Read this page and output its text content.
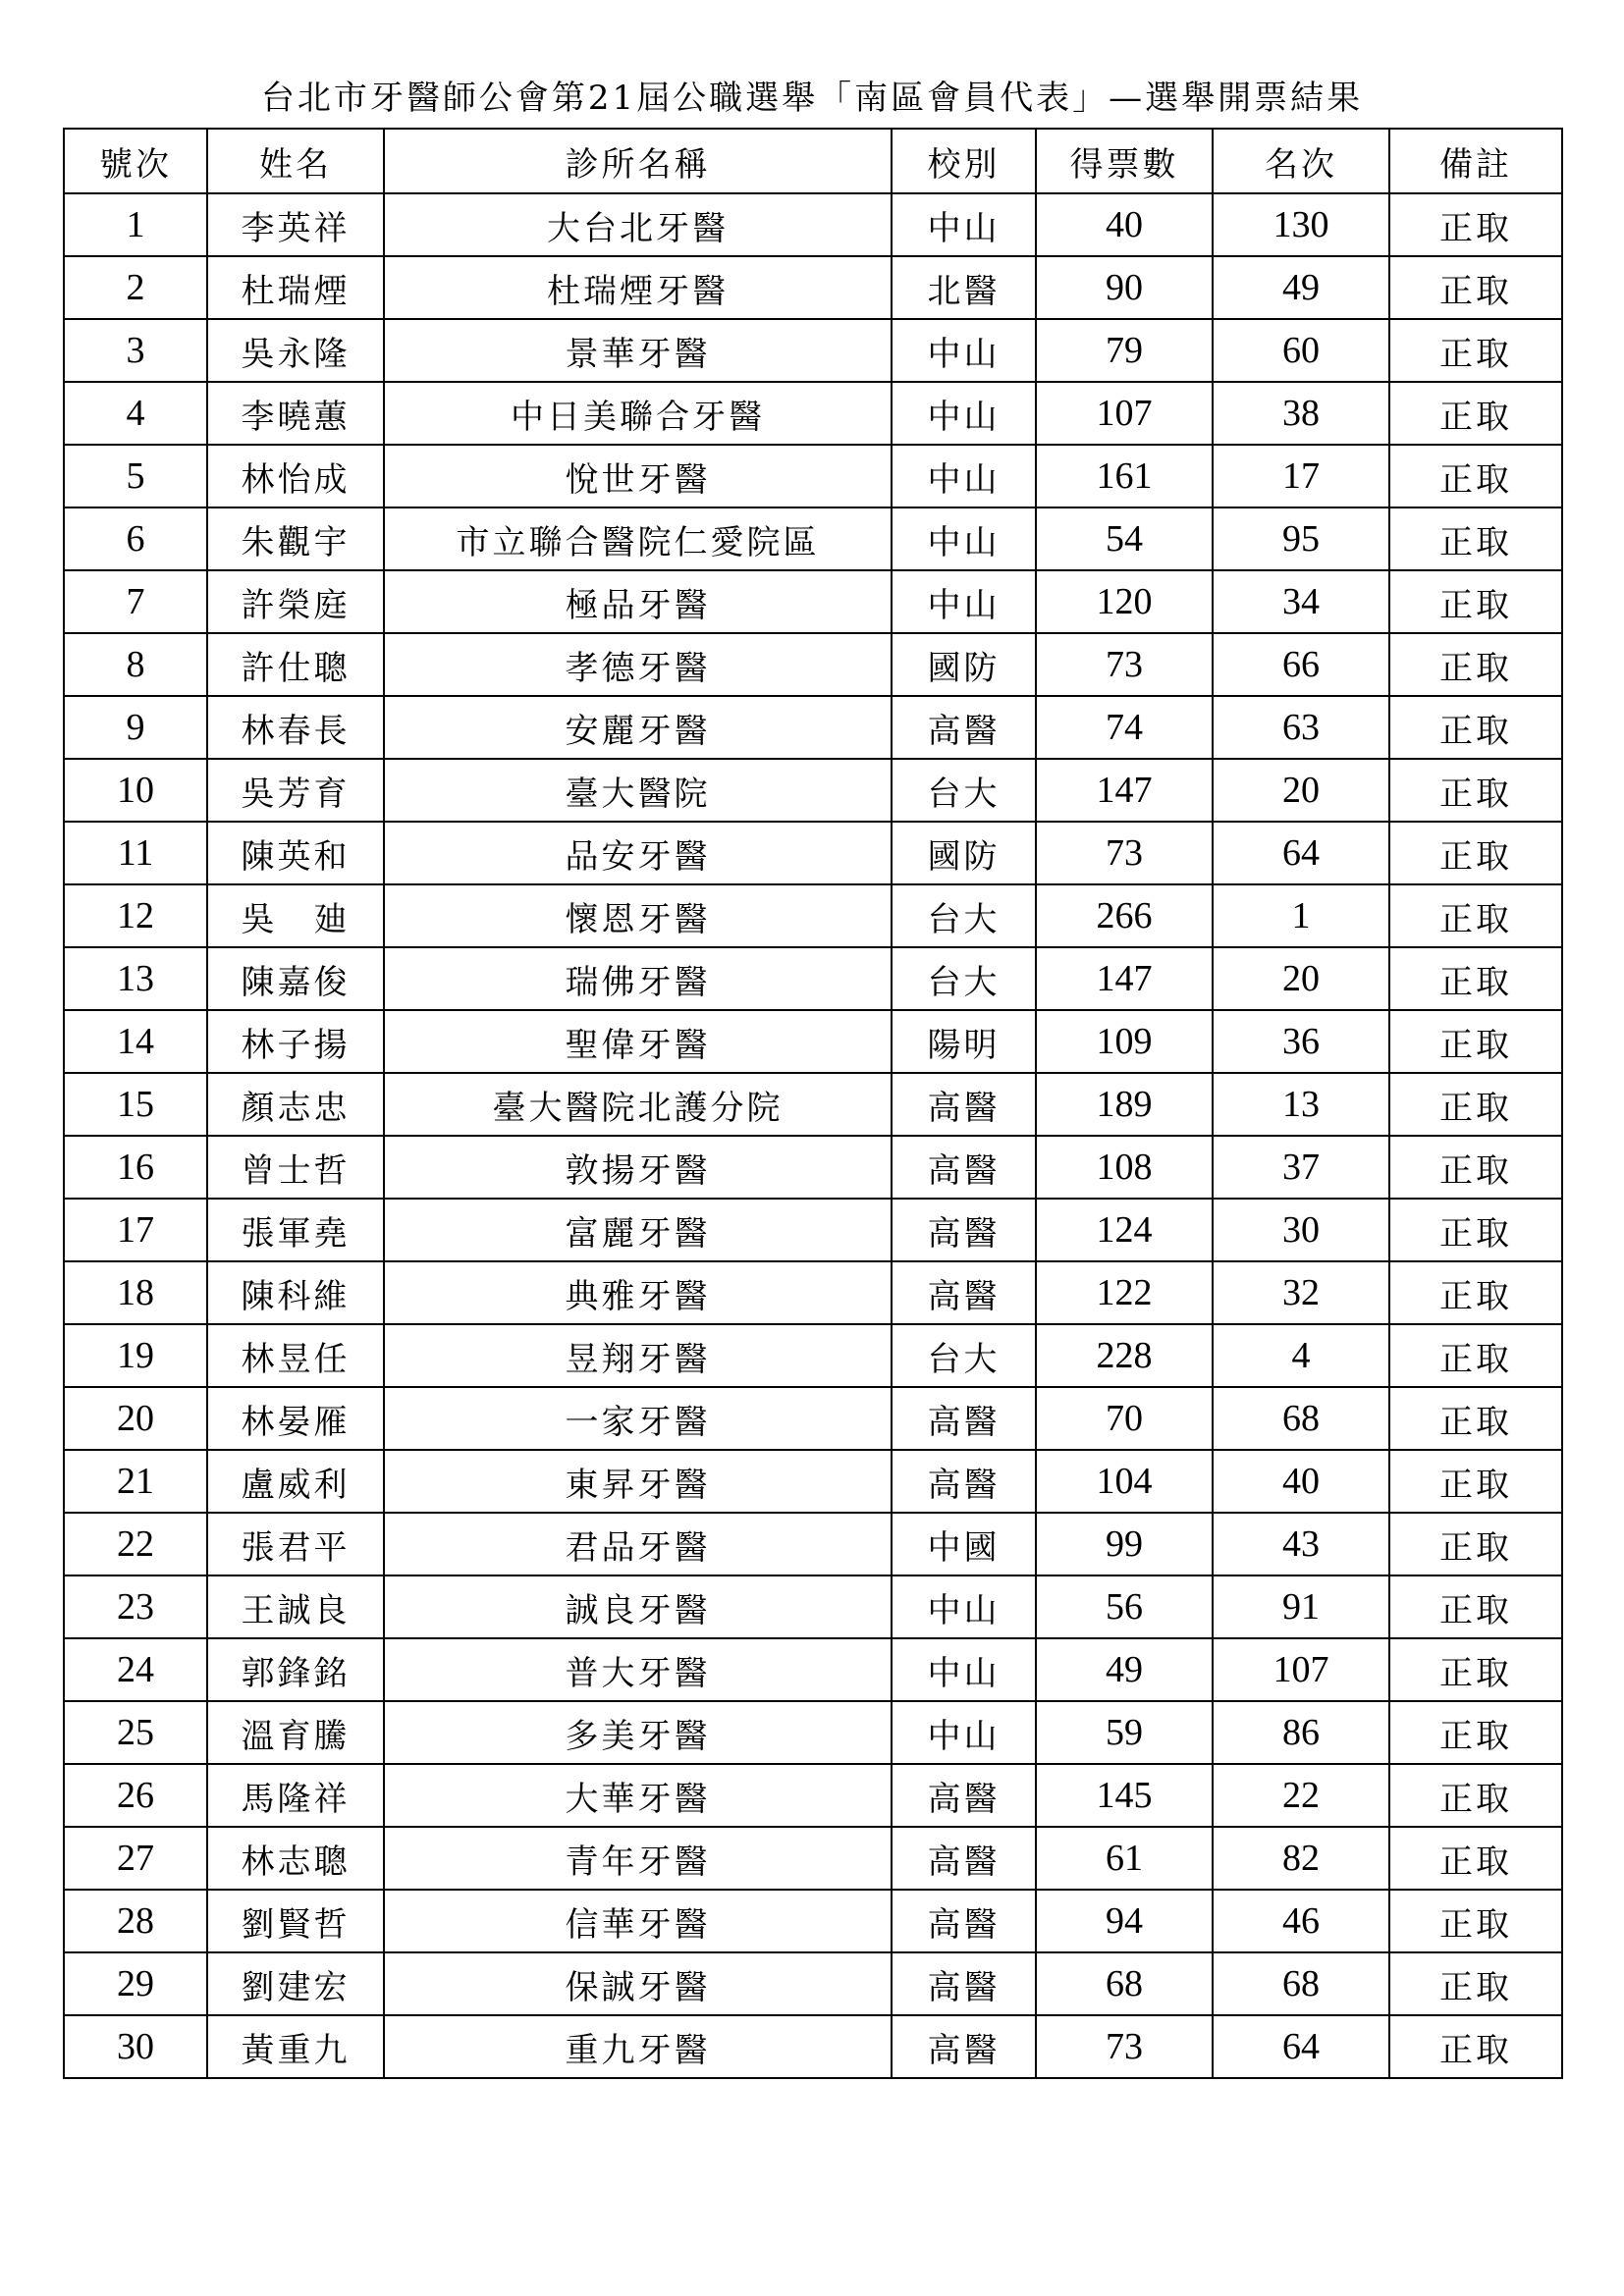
台北市牙醫師公會第21屆公職選舉「南區會員代表」—選舉開票結果
號次	姓名	診所名稱	校別	得票數	名次	備註
1	李英祥	大台北牙醫	中山	40	130	正取
2	杜瑞煙	杜瑞煙牙醫	北醫	90	49	正取
3	吳永隆	景華牙醫	中山	79	60	正取
4	李曉蕙	中日美聯合牙醫	中山	107	38	正取
5	林怡成	悅世牙醫	中山	161	17	正取
6	朱觀宇	市立聯合醫院仁愛院區	中山	54	95	正取
7	許榮庭	極品牙醫	中山	120	34	正取
8	許仕聰	孝德牙醫	國防	73	66	正取
9	林春長	安麗牙醫	高醫	74	63	正取
10	吳芳育	臺大醫院	台大	147	20	正取
11	陳英和	品安牙醫	國防	73	64	正取
12	吳　廸	懷恩牙醫	台大	266	1	正取
13	陳嘉俊	瑞佛牙醫	台大	147	20	正取
14	林子揚	聖偉牙醫	陽明	109	36	正取
15	顏志忠	臺大醫院北護分院	高醫	189	13	正取
16	曾士哲	敦揚牙醫	高醫	108	37	正取
17	張軍堯	富麗牙醫	高醫	124	30	正取
18	陳科維	典雅牙醫	高醫	122	32	正取
19	林昱任	昱翔牙醫	台大	228	4	正取
20	林晏雁	一家牙醫	高醫	70	68	正取
21	盧威利	東昇牙醫	高醫	104	40	正取
22	張君平	君品牙醫	中國	99	43	正取
23	王誠良	誠良牙醫	中山	56	91	正取
24	郭鋒銘	普大牙醫	中山	49	107	正取
25	溫育騰	多美牙醫	中山	59	86	正取
26	馬隆祥	大華牙醫	高醫	145	22	正取
27	林志聰	青年牙醫	高醫	61	82	正取
28	劉賢哲	信華牙醫	高醫	94	46	正取
29	劉建宏	保誠牙醫	高醫	68	68	正取
30	黃重九	重九牙醫	高醫	73	64	正取
